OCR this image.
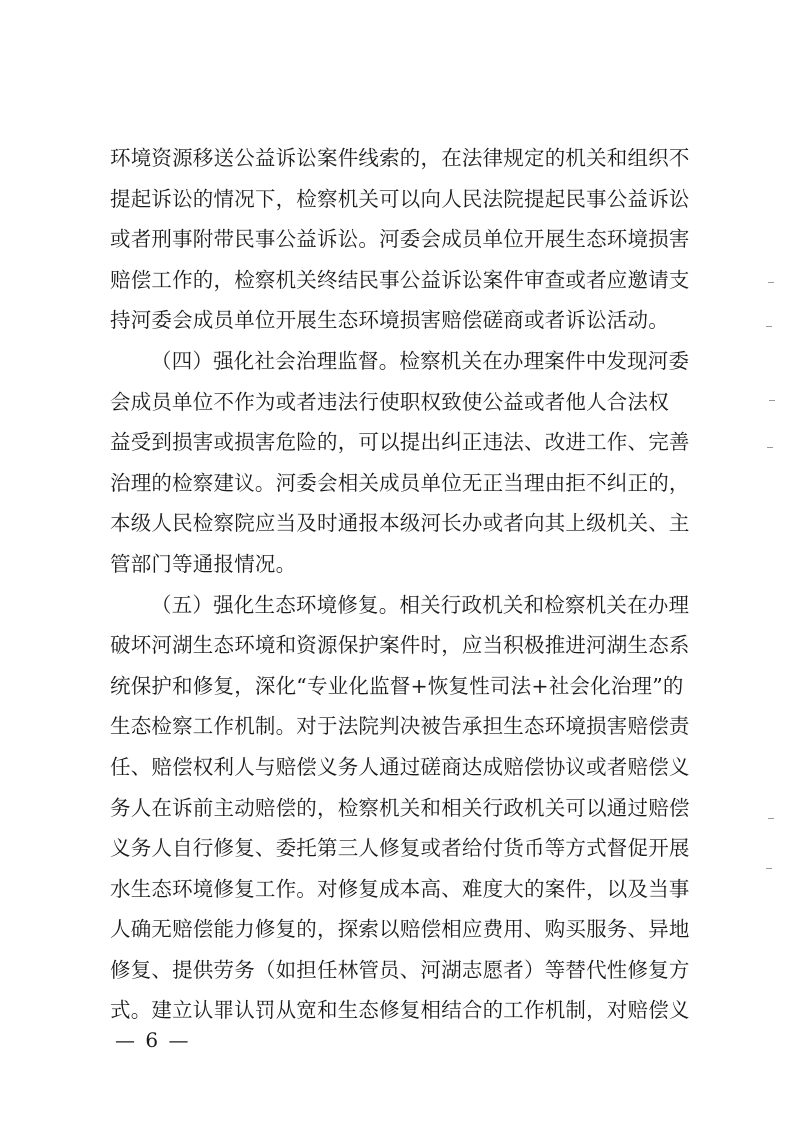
环境资源移送公益诉讼案件线索的，在法律规定的机关和组织不
提起诉讼的情况下，检察机关可以向人民法院提起民事公益诉讼
或者刑事附带民事公益诉讼。河委会成员单位开展生态环境损害
赔偿工作的，检察机关终结民事公益诉讼案件审查或者应邀请支
持河委会成员单位开展生态环境损害赔偿磋商或者诉讼活动。

（四）强化社会治理监督。检察机关在办理案件中发现河委
会成员单位不作为或者违法行使职权致使公益或者他人合法权
益受到损害或损害危险的，可以提出纠正违法、改进工作、完善
治理的检察建议。河委会相关成员单位无正当理由拒不纠正的，
本级人民检察院应当及时通报本级河长办或者向其上级机关、主
管部门等通报情况。

（五）强化生态环境修复。相关行政机关和检察机关在办理
破坏河湖生态环境和资源保护案件时，应当积极推进河湖生态系
统保护和修复，深化“专业化监督+恢复性司法+社会化治理”的
生态检察工作机制。对于法院判决被告承担生态环境损害赔偿责
任、赔偿权利人与赔偿义务人通过磋商达成赔偿协议或者赔偿义
务人在诉前主动赔偿的，检察机关和相关行政机关可以通过赔偿
义务人自行修复、委托第三人修复或者给付货币等方式督促开展
水生态环境修复工作。对修复成本高、难度大的案件，以及当事
人确无赔偿能力修复的，探索以赔偿相应费用、购买服务、异地
修复、提供劳务（如担任林管员、河湖志愿者）等替代性修复方
式。建立认罪认罚从宽和生态修复相结合的工作机制，对赔偿义

— 6 —
